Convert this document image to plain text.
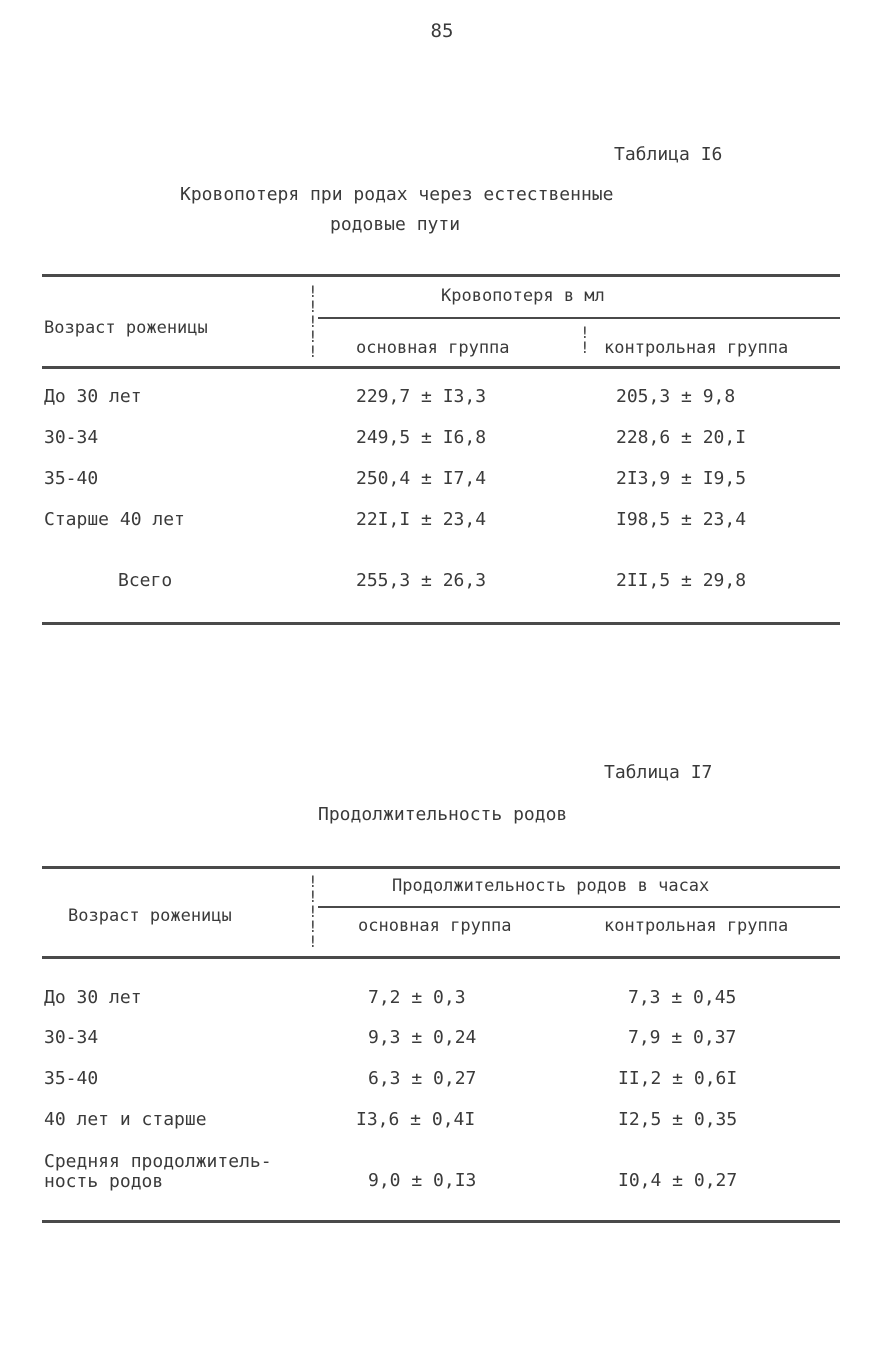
85
Таблица I6
Кровопотеря при родах через естественные
родовые пути
Кровопотеря в мл
Возраст роженицы
основная группа	контрольная группа
!
!
!
!
!
!
!
До 30 лет	229,7 ± I3,3	205,3 ± 9,8
30-34	249,5 ± I6,8	228,6 ± 20,I
35-40	250,4 ± I7,4	2I3,9 ± I9,5
Старше 40 лет	22I,I ± 23,4	I98,5 ± 23,4
Всего	255,3 ± 26,3	2II,5 ± 29,8
Таблица I7
Продолжительность родов
Продолжительность родов в часах
Возраст роженицы	основная группа	контрольная группа
!
!
!
!
!
До 30 лет	7,2 ± 0,3	7,3 ± 0,45
30-34	9,3 ± 0,24	7,9 ± 0,37
35-40	6,3 ± 0,27	II,2 ± 0,6I
40 лет и старше	I3,6 ± 0,4I	I2,5 ± 0,35
Средняя продолжитель-
ность родов	9,0 ± 0,I3	I0,4 ± 0,27
